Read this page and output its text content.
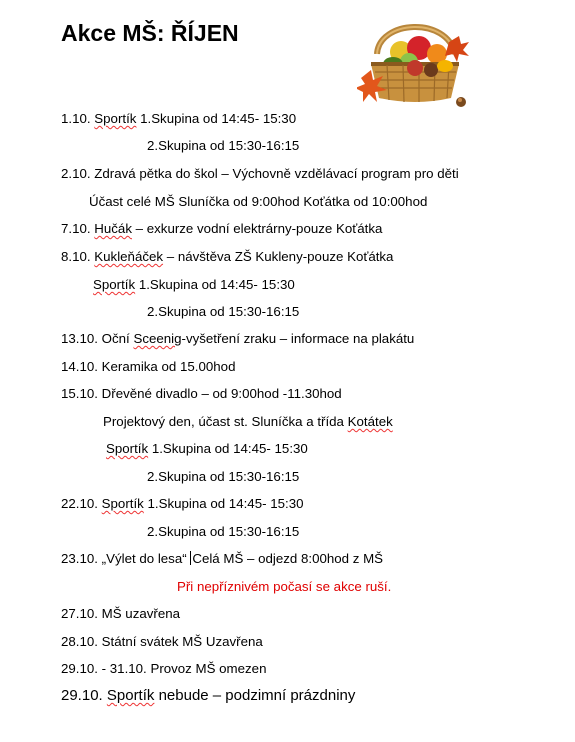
Akce MŠ: ŘÍJEN
1.10. Sportík 1.Skupina od 14:45- 15:30
2.Skupina od 15:30-16:15
2.10. Zdravá pětka do škol – Výchovně vzdělávací program pro děti
Účast celé MŠ Sluníčka od 9:00hod Koťátka od 10:00hod
7.10. Hučák – exkurze vodní elektrárny-pouze Koťátka
8.10. Kukleňáček – návštěva ZŠ Kukleny-pouze Koťátka
Sportík 1.Skupina od 14:45- 15:30
2.Skupina od 15:30-16:15
13.10. Oční Sceenig-vyšetření zraku – informace na plakátu
14.10. Keramika od 15.00hod
15.10. Dřevěné divadlo – od 9:00hod -11.30hod
Projektový den, účast st. Sluníčka a třída Kotátek
Sportík 1.Skupina od 14:45- 15:30
2.Skupina od 15:30-16:15
22.10. Sportík 1.Skupina od 14:45- 15:30
2.Skupina od 15:30-16:15
23.10. „Výlet do lesa“ Celá MŠ – odjezd 8:00hod z MŠ
Při nepříznivém počasí se akce ruší.
27.10. MŠ uzavřena
28.10. Státní svátek MŠ Uzavřena
29.10. - 31.10. Provoz MŠ omezen
29.10. Sportík nebude – podzimní prázdniny
